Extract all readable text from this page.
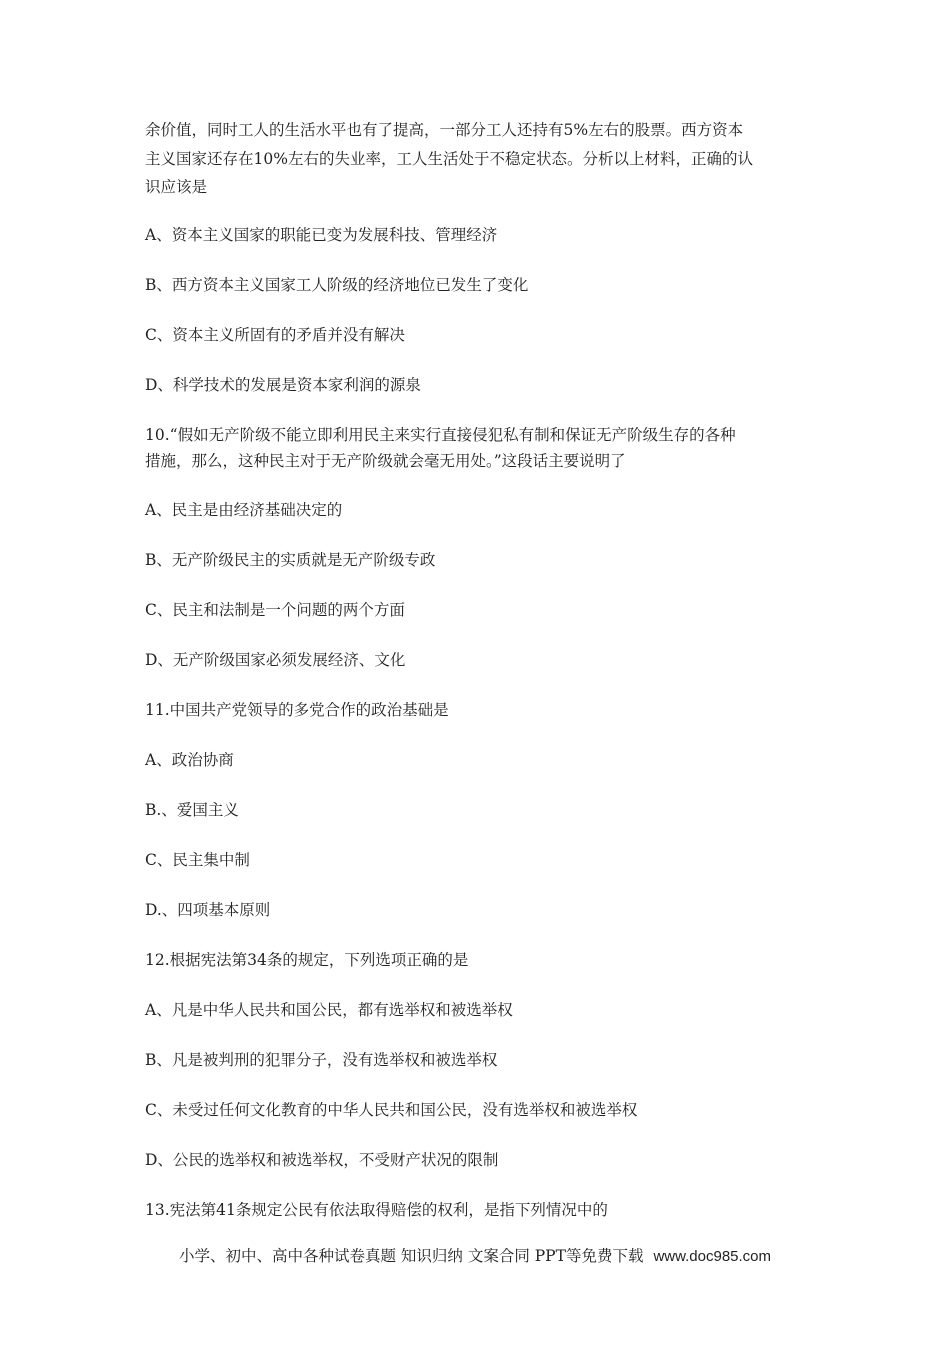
余价值，同时工人的生活水平也有了提高，一部分工人还持有5%左右的股票。西方资本
主义国家还存在10%左右的失业率，工人生活处于不稳定状态。分析以上材料，正确的认
识应该是
A、资本主义国家的职能已变为发展科技、管理经济
B、西方资本主义国家工人阶级的经济地位已发生了变化
C、资本主义所固有的矛盾并没有解决
D、科学技术的发展是资本家利润的源泉
10.“假如无产阶级不能立即利用民主来实行直接侵犯私有制和保证无产阶级生存的各种
措施，那么，这种民主对于无产阶级就会毫无用处。”这段话主要说明了
A、民主是由经济基础决定的
B、无产阶级民主的实质就是无产阶级专政
C、民主和法制是一个问题的两个方面
D、无产阶级国家必须发展经济、文化
11.中国共产党领导的多党合作的政治基础是
A、政治协商
B.、爱国主义
C、民主集中制
D.、四项基本原则
12.根据宪法第34条的规定，下列选项正确的是
A、凡是中华人民共和国公民，都有选举权和被选举权
B、凡是被判刑的犯罪分子，没有选举权和被选举权
C、未受过任何文化教育的中华人民共和国公民，没有选举权和被选举权
D、公民的选举权和被选举权，不受财产状况的限制
13.宪法第41条规定公民有依法取得赔偿的权利，是指下列情况中的
小学、初中、高中各种试卷真题 知识归纳 文案合同 PPT等免费下载 www.doc985.com
